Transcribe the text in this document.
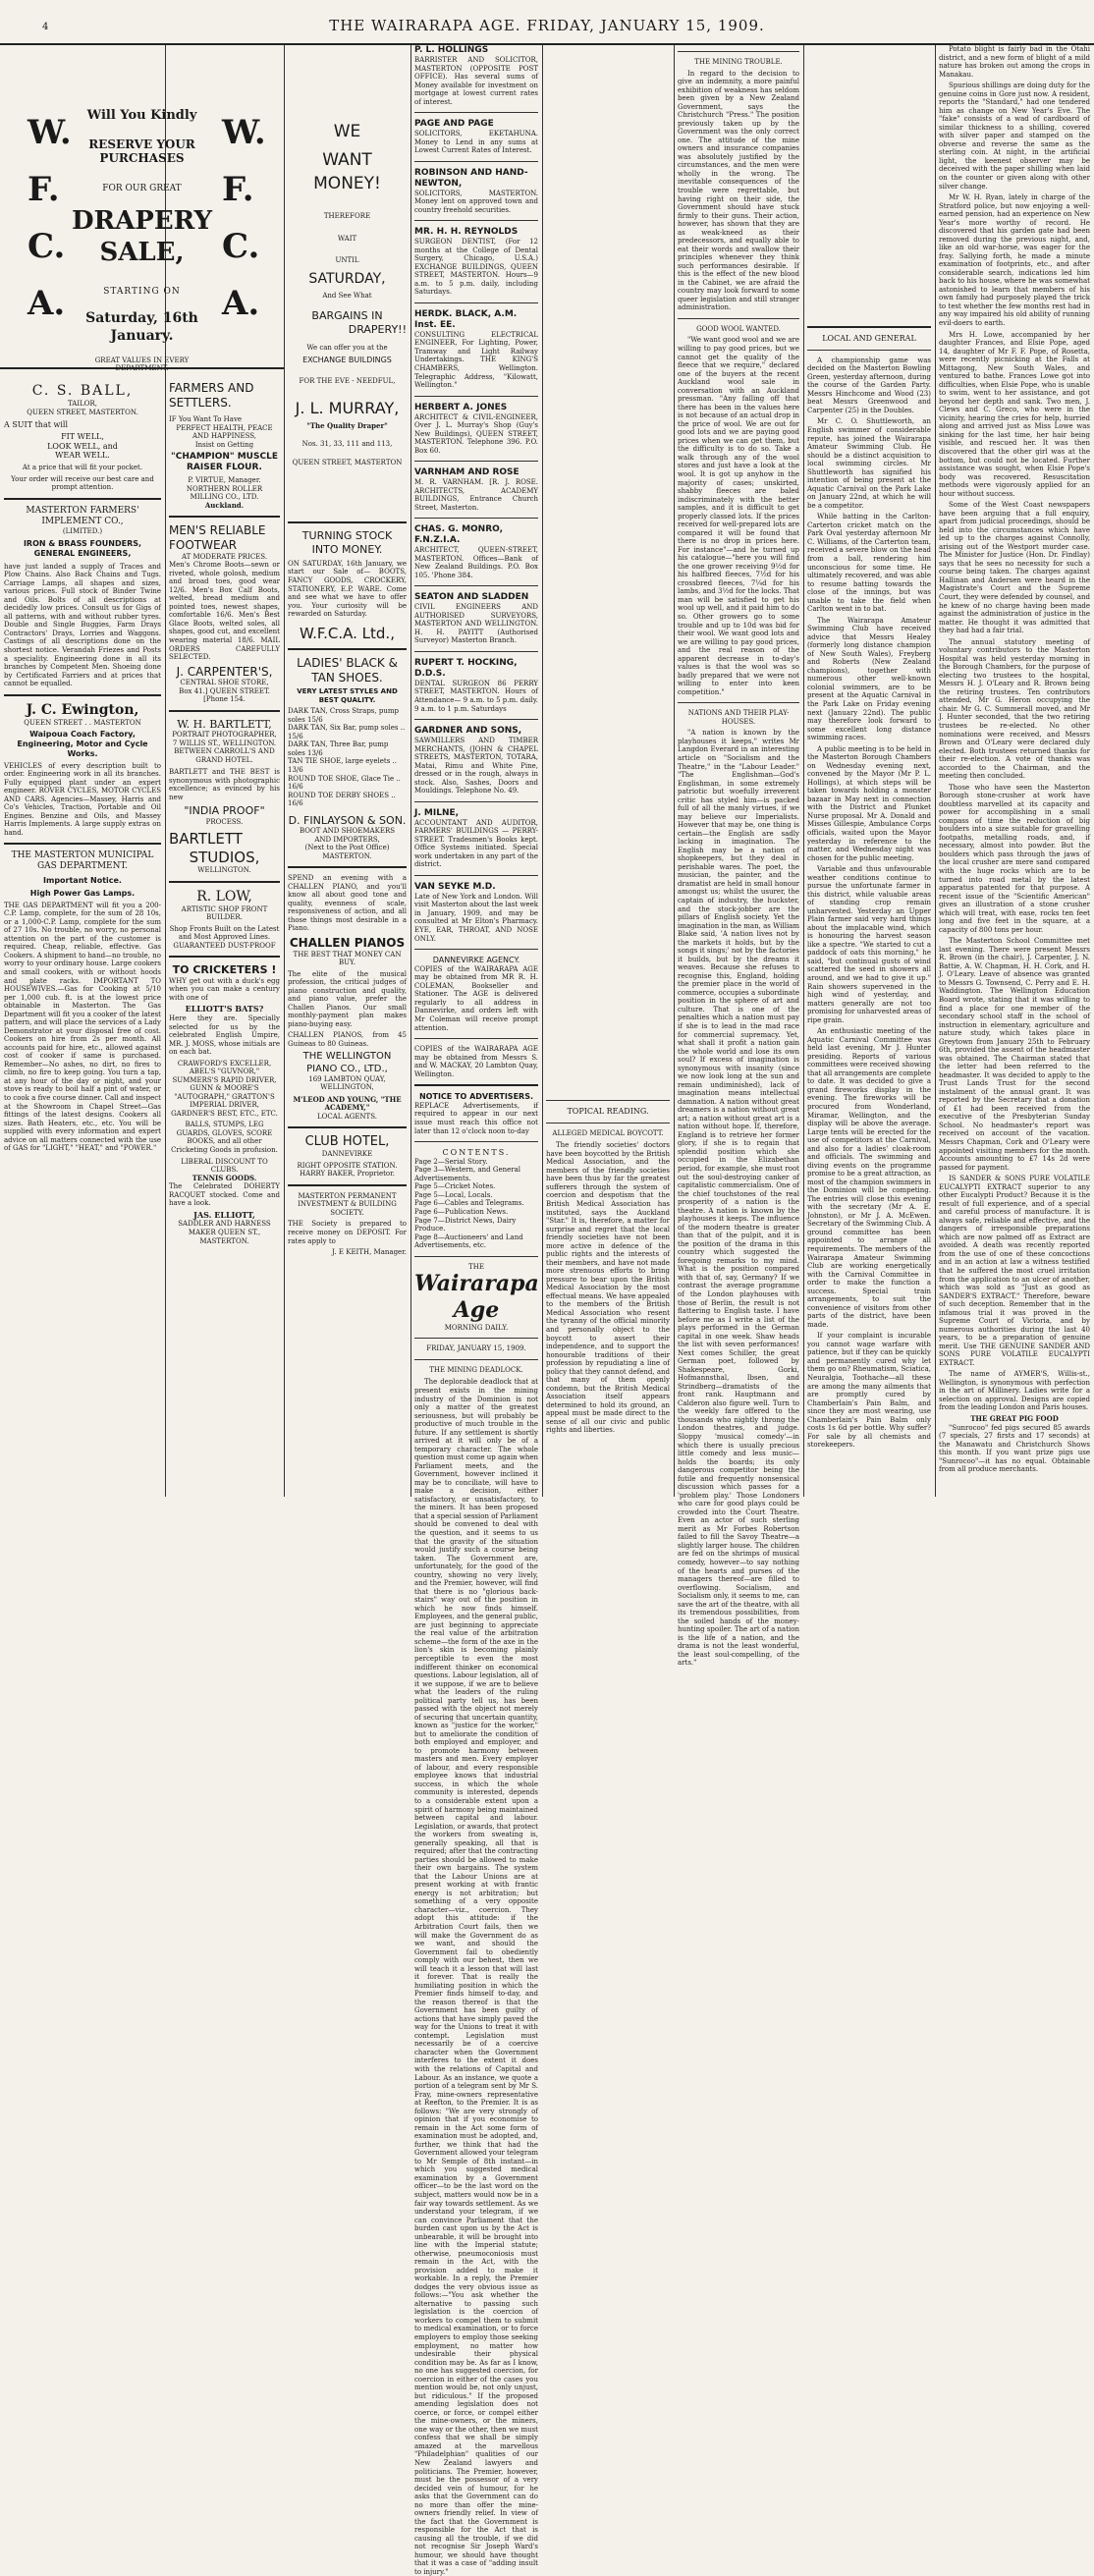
4	THE WAIRARAPA AGE. FRIDAY, JANUARY 15, 1909.
W.
F.
C.
A.
W.
F.
C.
A.
Will You Kindly
RESERVE YOUR PURCHASES
FOR OUR GREAT
DRAPERY SALE,
STARTING ON
Saturday, 16th January.
GREAT VALUES IN EVERY DEPARTMENT.
C. S. BALL,
TAILOR,
QUEEN STREET, MASTERTON.
A SUIT that will
FIT WELL,
LOOK WELL, and
WEAR WELL.
At a price that will fit your pocket.
Your order will receive our best care and prompt attention.
MASTERTON FARMERS' IMPLEMENT CO.,
(LIMITED.)
IRON & BRASS FOUNDERS, GENERAL ENGINEERS,

have just landed a supply of Traces and Plow Chains. Also Back Chains and Tugs. Carriage Lamps, all shapes and sizes, various prices. Full stock of Binder Twine and Oils. Bolts of all descriptions at decidedly low prices. Consult us for Gigs of all patterns, with and without rubber tyres. Double and Single Buggies, Farm Drays Contractors' Drays, Lorries and Waggons. Castings of all descriptions done on the shortest notice. Verandah Friezes and Posts a speciality. Engineering done in all its branches by Competent Men. Shoeing done by Certificated Farriers and at prices that cannot be equalled.

J. C. Ewington,
QUEEN STREET . . MASTERTON
Waipoua Coach Factory, Engineering, Motor and Cycle Works.

VEHICLES of every description built to order. Engineering work in all its branches. Fully equipped plant under an expert engineer. ROVER CYCLES, MOTOR CYCLES AND CARS. Agencies—Massey, Harris and Co's Vehicles, Traction, Portable and Oil Engines. Benzine and Oils, and Massey Harris Implements. A large supply extras on hand.

THE MASTERTON MUNICIPAL GAS DEPARTMENT.
Important Notice.
High Power Gas Lamps.

THE GAS DEPARTMENT will fit you a 200-C.P. Lamp, complete, for the sum of 28 10s, or a 1,000-C.P. Lamp, complete for the sum of 27 10s. No trouble, no worry, no personal attention on the part of the customer is required. Cheap, reliable, effective. Gas Cookers. A shipment to hand—no trouble, no worry to your ordinary house. Large cookers and small cookers, with or without hoods and plate racks. IMPORTANT TO HOUSEWIVES.—Gas for Cooking at 5/10 per 1,000 cub. ft. is at the lowest price obtainable in Masterton. The Gas Department will fit you a cooker of the latest pattern, and will place the services of a Lady Demonstrator at your disposal free of cost. Cookers on hire from 2s per month. All accounts paid for hire, etc., allowed against cost of cooker if same is purchased. Remember—No ashes, no dirt, no fires to climb, no fire to keep going. You turn a tap, at any hour of the day or night, and your stove is ready to boil half a pint of water, or to cook a five course dinner. Call and inspect at the Showroom in Chapel Street—Gas fittings of the latest designs. Cookers all sizes. Bath Heaters, etc., etc. You will be supplied with every information and expert advice on all matters connected with the use of GAS for "LIGHT," "HEAT," and "POWER."

FARMERS AND SETTLERS.
IF You Want To Have
PERFECT HEALTH, PEACE AND HAPPINESS,
Insist on Getting
"CHAMPION" MUSCLE RAISER FLOUR.
P. VIRTUE, Manager.
NORTHERN ROLLER MILLING CO., LTD.
Auckland.
MEN'S RELIABLE FOOTWEAR
AT MODERATE PRICES.

Men's Chrome Boots—sewn or riveted, whole golosh, medium and broad toes, good wear 12/6. Men's Box Calf Boots, welted, bread medium and pointed toes, newest shapes, comfortable 16/6. Men's Best Glace Boots, welted soles, all shapes, good cut, and excellent wearing material 18/6. MAIL ORDERS CAREFULLY SELECTED.

J. CARPENTER'S,
CENTRAL SHOE STORE,
Box 41.] QUEEN STREET. [Phone 154.
W. H. BARTLETT,
PORTRAIT PHOTOGRAPHER,
7 WILLIS ST., WELLINGTON.
BETWEEN CARROLL'S AND GRAND HOTEL.

BARTLETT and THE BEST is synonymous with photographic excellence; as evinced by his new

"INDIA PROOF"
PROCESS.
BARTLETT
STUDIOS,
WELLINGTON.
R. LOW,
ARTISTIC SHOP FRONT BUILDER.
Shop Fronts Built on the Latest and Most Approved Lines.
GUARANTEED DUST-PROOF
TO CRICKETERS !

WHY get out with a duck's egg when you can make a century with one of

ELLIOTT'S BATS?

Here they are. Specially selected for us by the celebrated English Umpire, MR. J. MOSS, whose initials are on each bat.

CRAWFORD'S EXCELLER, ABEL'S "GUVNOR," SUMMERS'S RAPID DRIVER, GUNN & MOORE'S "AUTOGRAPH," GRATTON'S IMPERIAL DRIVER, GARDNER'S BEST, ETC., ETC.

BALLS, STUMPS, LEG GUARDS, GLOVES, SCORE BOOKS, and all other Cricketing Goods in profusion.

LIBERAL DISCOUNT TO CLUBS.
TENNIS GOODS.

The Celebrated DOHERTY RACQUET stocked. Come and have a look.

JAS. ELLIOTT,
SADDLER AND HARNESS MAKER QUEEN ST., MASTERTON.
WE
WANT
MONEY!
THEREFORE
WAIT
UNTIL
SATURDAY,
And See What
BARGAINS IN
DRAPERY!!
We can offer you at the
EXCHANGE BUILDINGS
FOR THE EVE - NEEDFUL,
J. L. MURRAY,
"The Quality Draper"
Nos. 31, 33, 111 and 113,
QUEEN STREET, MASTERTON
TURNING STOCK INTO MONEY.

ON SATURDAY, 16th January, we start our Sale of— BOOTS, FANCY GOODS, CROCKERY, STATIONERY, E.P. WARE. Come and see what we have to offer you. Your curiosity will be rewarded on Saturday.

W.F.C.A. Ltd.,
LADIES' BLACK & TAN SHOES.
VERY LATEST STYLES AND BEST QUALITY.
DARK TAN, Cross Straps, pump soles 15/6
DARK TAN, Six Bar, pump soles .. 15/6
DARK TAN, Three Bar, pump soles 13/6
TAN TIE SHOE, large eyelets .. 13/6
ROUND TOE SHOE, Glace Tie .. 16/6
ROUND TOE DERBY SHOES .. 16/6
D. FINLAYSON & SON.
BOOT AND SHOEMAKERS
AND IMPORTERS,
(Next to the Post Office) MASTERTON.

SPEND an evening with a CHALLEN PIANO, and you'll know all about good tone and quality, evenness of scale, responsiveness of action, and all those things most desirable in a Piano.

CHALLEN PIANOS
THE BEST THAT MONEY CAN BUY.

The elite of the musical profession, the critical judges of piano construction and quality, and piano value, prefer the Challen Pianos. Our small monthly-payment plan makes piano-buying easy.

CHALLEN PIANOS, from 45 Guineas to 80 Guineas.

THE WELLINGTON PIANO CO., LTD.,
169 LAMBTON QUAY, WELLINGTON,
M'LEOD AND YOUNG, "THE ACADEMY,"
LOCAL AGENTS.
CLUB HOTEL,
DANNEVIRKE
RIGHT OPPOSITE STATION.
HARRY BAKER, Proprietor.
MASTERTON PERMANENT INVESTMENT & BUILDING SOCIETY.

THE Society is prepared to receive money on DEPOSIT. For rates apply to

J. E KEITH, Manager.
P. L. HOLLINGS

BARRISTER AND SOLICITOR, MASTERTON (OPPOSITE POST OFFICE). Has several sums of Money available for investment on mortgage at lowest current rates of interest.

PAGE AND PAGE

SOLICITORS, EKETAHUNA. Money to Lend in any sums at Lowest Current Rates of Interest.

ROBINSON AND HAND-NEWTON,

SOLICITORS, MASTERTON. Money lent on approved town and country freehold securities.

MR. H. H. REYNOLDS

SURGEON DENTIST, (For 12 months at the College of Dental Surgery, Chicago, U.S.A.) EXCHANGE BUILDINGS, QUEEN STREET, MASTERTON. Hours—9 a.m. to 5 p.m. daily, including Saturdays.

HERDK. BLACK, A.M. Inst. EE.

CONSULTING ELECTRICAL ENGINEER, For Lighting, Power, Tramway and Light Railway Undertakings. THE KING'S CHAMBERS, Wellington. Telegraphic Address, "Kilowatt, Wellington."

HERBERT A. JONES

ARCHITECT & CIVIL-ENGINEER, Over J. L. Murray's Shop (Guy's New Buildings), QUEEN STREET, MASTERTON. Telephone 396. P.O. Box 60.

VARNHAM AND ROSE

M. R. VARNHAM. [R. J. ROSE. ARCHITECTS, ACADEMY BUILDINGS, Entrance Church Street, Masterton.

CHAS. G. MONRO, F.N.Z.I.A.

ARCHITECT, QUEEN-STREET, MASTERTON. Offices—Bank of New Zealand Buildings. P.O. Box 105. 'Phone 384.

SEATON AND SLADDEN

CIVIL ENGINEERS AND AUTHORISED SURVEYORS, MASTERTON AND WELLINGTON. H. H. PAYITT (Authorised Surveyor) Masterton Branch.

RUPERT T. HOCKING, D.D.S.

DENTAL SURGEON 86 PERRY STREET, MASTERTON. Hours of Attendance— 9 a.m. to 5 p.m. daily. 9 a.m. to 1 p.m. Saturdays

GARDNER AND SONS,

SAWMILLERS AND TIMBER MERCHANTS, (JOHN & CHAPEL STREETS, MASTERTON, TOTARA, Matai, Rimu and White Pine, dressed or in the rough, always in stock. Also, Sashes, Doors and Mouldings. Telephone No. 49.

J. MILNE,

ACCOUNTANT AND AUDITOR, FARMERS' BUILDINGS — PERRY-STREET. Tradesmen's Books kept. Office Systems initiated. Special work undertaken in any part of the district.

VAN SEYKE M.D.

Late of New York and London. Will visit Masterton about the last week in January, 1909, and may be consulted at Mr Elton's Pharmacy. EYE, EAR, THROAT, AND NOSE ONLY.

DANNEVIRKE AGENCY.

COPIES of the WAIRARAPA AGE may be obtained from MR R. H. COLEMAN, Bookseller and Stationer. The AGE is delivered regularly to all address in Dannevirke, and orders left with Mr Coleman will receive prompt attention.

COPIES of the WAIRARAPA AGE may be obtained from Messrs S. and W. MACKAY, 20 Lambton Quay, Wellington.

NOTICE TO ADVERTISERS.

REPLACE Advertisements, if required to appear in our next issue must reach this office not later than 12 o'clock noon to-day

CONTENTS.
Page 2—Serial Story.
Page 3—Western, and General Advertisements.
Page 5—Cricket Notes.
Page 5—Local, Locals.
Page 6—Cables and Telegrams.
Page 6—Publication News.
Page 7—District News, Dairy Produce.
Page 8—Auctioneers' and Land Advertisements, etc.
THE
Wairarapa Age
MORNING DAILY.
FRIDAY, JANUARY 15, 1909.
THE MINING DEADLOCK.

The deplorable deadlock that at present exists in the mining industry of the Dominion is not only a matter of the greatest seriousness, but will probably be productive of much trouble in the future. If any settlement is shortly arrived at it will only be of a temporary character. The whole question must come up again when Parliament meets, and the Government, however inclined it may be to conciliate, will have to make a decision, either satisfactory, or unsatisfactory, to the miners. It has been proposed that a special session of Parliament should be convened to deal with the question, and it seems to us that the gravity of the situation would justify such a course being taken. The Government are, unfortunately, for the good of the country, showing no very lively, and the Premier, however, will find that there is no "glorious back-stairs" way out of the position in which he now finds himself. Employees, and the general public, are just beginning to appreciate the real value of the arbitration scheme—the form of the axe in the lion's skin is becoming plainly perceptible to even the most indifferent thinker on economical questions. Labour legislation, all of it we suppose, if we are to believe what the leaders of the ruling political party tell us, has been passed with the object not merely of securing that uncertain quantity, known as "justice for the worker," but to ameliorate the condition of both employed and employer, and to promote harmony between masters and men. Every employer of labour, and every responsible employee knows that industrial success, in which the whole community is interested, depends to a considerable extent upon a spirit of harmony being maintained between capital and labour. Legislation, or awards, that protect the workers from sweating is, generally speaking, all that is required; after that the contracting parties should be allowed to make their own bargains. The system that the Labour Unions are at present working at with frantic energy is not arbitration; but something of a very opposite character—viz., coercion. They adopt this attitude: if the Arbitration Court fails, then we will make the Government do as we want, and should the Government fail to obediently comply with our behest, then we will teach it a lesson that will last it forever. That is really the humiliating position in which the Premier finds himself to-day, and the reason thereof is that the Government has been guilty of actions that have simply paved the way for the Unions to treat it with contempt. Legislation must necessarily be of a coercive character when the Government interferes to the extent it does with the relations of Capital and Labour. As an instance, we quote a portion of a telegram sent by Mr S. Fray, mine-owners representative at Reefton, to the Premier. It is as follows: "We are very strongly of opinion that if you economise to remain in the Act some form of examination must be adopted, and, further, we think that had the Government allowed your telegram to Mr Semple of 8th instant—in which you suggested medical examination by a Government officer—to be the last word on the subject, matters would now be in a fair way towards settlement. As we understand your telegram, if we can convince Parliament that the burden cast upon us by the Act is unbearable, it will be brought into line with the Imperial statute; otherwise, pneumoconiosis must remain in the Act, with the provision added to make it workable. In a reply, the Premier dodges the very obvious issue as follows:—"You ask whether the alternative to passing such legislation is the coercion of workers to compel them to submit to medical examination, or to force employers to employ those seeking employment, no matter how undesirable their physical condition may be. As far as I know, no one has suggested coercion, for coercion in either of the cases you mention would be, not only unjust, but ridiculous." If the proposed amending legislation does not coerce, or force, or compel either the mine-owners, or the miners, one way or the other, then we must confess that we shall be simply amazed at the marvellous "Philadelphian" qualities of our New Zealand lawyers and politicians. The Premier, however, must be the possessor of a very decided vein of humour, for he asks that the Government can do no more than offer the mine-owners friendly relief. In view of the fact that the Government is responsible for the Act that is causing all the trouble, if we did not recognise Sir Joseph Ward's humour, we should have thought that it was a case of "adding insult to injury."

TOPICAL READING.
ALLEGED MEDICAL BOYCOTT.

The friendly societies' doctors have been boycotted by the British Medical Association, and the members of the friendly societies have been thus by far the greatest sufferers through the system of coercion and despotism that the British Medical Association has instituted, says the Auckland "Star." It is, therefore, a matter for surprise and regret that the local friendly societies have not been more active in defence of the public rights and the interests of their members, and have not made more strenuous efforts to bring pressure to bear upon the British Medical Association by the most effectual means. We have appealed to the members of the British Medical Association who resent the tyranny of the official minority and personally object to the boycott to assert their independence, and to support the honourable traditions of their profession by repudiating a line of policy that they cannot defend, and that many of them openly condemn, but the British Medical Association itself appears determined to hold its ground, an appeal must be made direct to the sense of all our civic and public rights and liberties.

THE MINING TROUBLE.

In regard to the decision to give an indemnity, a more painful exhibition of weakness has seldom been given by a New Zealand Government, says the Christchurch "Press." The position previously taken up by the Government was the only correct one. The attitude of the mine owners and insurance companies was absolutely justified by the circumstances, and the men were wholly in the wrong. The inevitable consequences of the trouble were regrettable, but having right on their side, the Government should have stuck firmly to their guns. Their action, however, has shown that they are as weak-kneed as their predecessors, and equally able to eat their words and swallow their principles whenever they think such performances desirable. If this is the effect of the new blood in the Cabinet, we are afraid the country may look forward to some queer legislation and still stranger administration.

GOOD WOOL WANTED.

"We want good wool and we are willing to pay good prices, but we cannot get the quality of the fleece that we require," declared one of the buyers at the recent Auckland wool sale in conversation with an Auckland pressman. "Any falling off that there has been in the values here is not because of an actual drop in the price of wool. We are out for good lots and we are paying good prices when we can get them, but the difficulty is to do so. Take a walk through any of the wool stores and just have a look at the wool. It is got up anyhow in the majority of cases; unskirted, shabby fleeces are baled indiscriminately with the better samples, and it is difficult to get properly classed lots. If the prices received for well-prepared lots are compared it will be found that there is no drop in prices here. For instance"—and he turned up his catalogue—"here you will find the one grower receiving 9½d for his halfbred fleeces, 7½d for his crossbred fleeces, 7¼d for his lambs, and 3½d for the locks. That man will be satisfied to get his wool up well, and it paid him to do so. Other growers go to some trouble and up to 10d was bid for their wool. We want good lots and we are willing to pay good prices, and the real reason of the apparent decrease in to-day's values is that the wool was so badly prepared that we were not willing to enter into keen competition."

NATIONS AND THEIR PLAY-HOUSES.

"A nation is known by the playhouses it keeps," writes Mr Langdon Everard in an interesting article on "Socialism and the Theatre," in the "Labour Leader." "The Englishman—God's Englishman, in some extremely patriotic but woefully irreverent critic has styled him—is packed full of all the manly virtues, if we may believe our Imperialists. However that may be, one thing is certain—the English are sadly lacking in imagination. The English may be a nation of shopkeepers, but they deal in perishable wares. The poet, the musician, the painter, and the dramatist are held in small honour amongst us; whilst the usurer, the captain of industry, the huckster, and the stock-jobber are the pillars of English society. Yet the imagination in the man, as William Blake said, 'A nation lives not by the markets it holds, but by the songs it sings;' not by the factories it builds, but by the dreams it weaves. Because she refuses to recognise this, England, holding the premier place in the world of commerce, occupies a subordinate position in the sphere of art and culture. That is one of the penalties which a nation must pay if she is to lead in the mad race for commercial supremacy. Yet, what shall it profit a nation gain the whole world and lose its own soul? If excess of imagination is synonymous with insanity (since we now look long at the sun and remain undiminished), lack of imagination means intellectual damnation. A nation without great dreamers is a nation without great art; a nation without great art is a nation without hope. If, therefore, England is to retrieve her former glory, if she is to regain that splendid position which she occupied in the Elizabethan period, for example, she must root out the soul-destroying canker of capitalistic commercialism. One of the chief touchstones of the real prosperity of a nation is the theatre. A nation is known by the playhouses it keeps. The influence of the modern theatre is greater than that of the pulpit, and it is the position of the drama in this country which suggested the foregoing remarks to my mind. What is the position compared with that of, say, Germany? If we contrast the average programme of the London playhouses with those of Berlin, the result is not flattering to English taste. I have before me as I write a list of the plays performed in the German capital in one week. Shaw heads the list with seven performances! Next comes Schiller, the great German poet, followed by Shakespeare, Gorki, Hofmannsthal, Ibsen, and Strindberg—dramatists of the front rank. Hauptmann and Calderon also figure well. Turn to the weekly fare offered to the thousands who nightly throng the London theatres, and judge. Sloppy 'musical comedy'—in which there is usually precious little comedy and less music—holds the boards; its only dangerous competitor being the futile and frequently nonsensical discussion which passes for a 'problem play.' Those Londoners who care for good plays could be crowded into the Court Theatre. Even an actor of such sterling merit as Mr Forbes Robertson failed to fill the Savoy Theatre—a slightly larger house. The children are fed on the shrimps of musical comedy, however—to say nothing of the hearts and purses of the managers thereof—are filled to overflowing. Socialism, and Socialism only, it seems to me, can save the art of the theatre, with all its tremendous possibilities, from the soiled hands of the money-hunting spoiler. The art of a nation is the life of a nation, and the drama is not the least wonderful, the least soul-compelling, of the arts."

LOCAL AND GENERAL

A championship game was decided on the Masterton Bowling Green, yesterday afternoon, during the course of the Garden Party. Messrs Hinchcome and Wood (23) beat Messrs Greenwood and Carpenter (25) in the Doubles.

Mr C. O. Shuttleworth, an English swimmer of considerable repute, has joined the Wairarapa Amateur Swimming Club. He should be a distinct acquisition to local swimming circles. Mr Shuttleworth has signified his intention of being present at the Aquatic Carnival on the Park Lake on January 22nd, at which he will be a competitor.

While batting in the Carlton-Carterton cricket match on the Park Oval yesterday afternoon Mr C. Williams, of the Carterton team, received a severe blow on the head from a ball, rendering him unconscious for some time. He ultimately recovered, and was able to resume batting towards the close of the innings, but was unable to take the field when Carlton went in to bat.

The Wairarapa Amateur Swimming Club have received advice that Messrs Healey (formerly long distance champion of New South Wales), Freyberg and Roberts (New Zealand champions), together with numerous other well-known colonial swimmers, are to be present at the Aquatic Carnival in the Park Lake on Friday evening next (January 22nd). The public may therefore look forward to some excellent long distance swimming races.

A public meeting is to be held in the Masterton Borough Chambers on Wednesday evening next, convened by the Mayor (Mr P. L. Hollings), at which steps will be taken towards holding a monster bazaar in May next in connection with the District and Plunket Nurse proposal. Mr A. Donald and Misses Gillespie, Ambulance Corps officials, waited upon the Mayor yesterday in reference to the matter, and Wednesday night was chosen for the public meeting.

Variable and thus unfavourable weather conditions continue to pursue the unfortunate farmer in this district, while valuable areas of standing crop remain unharvested. Yesterday an Upper Plain farmer said very hard things about the implacable wind, which is honouring the harvest season like a spectre. "We started to cut a paddock of oats this morning," he said, "but continual gusts of wind scattered the seed in showers all around, and we had to give it up." Rain showers supervened in the high wind of yesterday, and matters generally are not too promising for unharvested areas of ripe grain.

An enthusiastic meeting of the Aquatic Carnival Committee was held last evening, Mr J. Hunter presiding. Reports of various committees were received showing that all arrangements are complete to date. It was decided to give a grand fireworks display in the evening. The fireworks will be procured from Wonderland, Miramar, Wellington, and the display will be above the average. Large tents will be erected for the use of competitors at the Carnival, and also for a ladies' cloak-room and officials. The swimming and diving events on the programme promise to be a great attraction, as most of the champion swimmers in the Dominion will be competing. The entries will close this evening with the secretary (Mr A. E. Johnston), or Mr J. A. McEwen. Secretary of the Swimming Club. A ground committee has been appointed to arrange all requirements. The members of the Wairarapa Amateur Swimming Club are working energetically with the Carnival Committee in order to make the function a success. Special train arrangements, to suit the convenience of visitors from other parts of the district, have been made.

If your complaint is incurable you cannot wage warfare with patience, but if they can be quickly and permanently cured why let them go on? Rheumatism, Sciatica, Neuralgia, Toothache—all these are among the many ailments that are promptly cured by Chamberlain's Pain Balm, and since they are most wearing, use Chamberlain's Pain Balm only costs 1s 6d per bottle. Why suffer? For sale by all chemists and storekeepers.

Potato blight is fairly bad in the Otahi district, and a new form of blight of a mild nature has broken out among the crops in Manakau.

Spurious shillings are doing duty for the genuine coins in Gore just now. A resident, reports the "Standard," had one tendered him as change on New Year's Eve. The "fake" consists of a wad of cardboard of similar thickness to a shilling, covered with silver paper and stamped on the obverse and reverse the same as the sterling coin. At night, in the artificial light, the keenest observer may be deceived with the paper shilling when laid on the counter or given along with other silver change.

Mr W. H. Ryan, lately in charge of the Stratford police, but now enjoying a well-earned pension, had an experience on New Year's more worthy of record. He discovered that his garden gate had been removed during the previous night, and, like an old war-horse, was eager for the fray. Sallying forth, he made a minute examination of footprints, etc., and after considerable search, indications led him back to his house, where he was somewhat astonished to learn that members of his own family had purposely played the trick to test whether the few months rest had in any way impaired his old ability of running evil-doers to earth.

Mrs H. Lowe, accompanied by her daughter Frances, and Elsie Pope, aged 14, daughter of Mr F. F. Pope, of Rosetta, were recently picnicking at the Falls at Mittagong, New South Wales, and ventured to bathe. Frances Lowe got into difficulties, when Elsie Pope, who is unable to swim, went to her assistance, and got beyond her depth and sank. Two men, J. Clews and C. Greco, who were in the vicinity, hearing the cries for help, hurried along and arrived just as Miss Lowe was sinking for the last time, her hair being visible, and rescued her. It was then discovered that the other girl was at the bottom, but could not be located. Further assistance was sought, when Elsie Pope's body was recovered. Resuscitation methods were vigorously applied for an hour without success.

Some of the West Coast newspapers have been arguing that a full enquiry, apart from judicial proceedings, should be held into the circumstances which have led up to the charges against Connolly, arising out of the Westport murder case. The Minister for Justice (Hon. Dr. Findlay) says that he sees no necessity for such a course being taken. The charges against Hallinan and Andersen were heard in the Magistrate's Court and the Supreme Court, they were defended by counsel, and he knew of no charge having been made against the administration of justice in the matter. He thought it was admitted that they had had a fair trial.

The annual statutory meeting of voluntary contributors to the Masterton Hospital was held yesterday morning in the Borough Chambers, for the purpose of electing two trustees to the hospital, Messrs H. J. O'Leary and R. Brown being the retiring trustees. Ten contributors attended, Mr G. Heron occupying the chair. Mr G. C. Summerall moved, and Mr J. Hunter seconded, that the two retiring trustees be re-elected. No other nominations were received, and Messrs Brown and O'Leary were declared duly elected. Both trustees returned thanks for their re-election. A vote of thanks was accorded to the Chairman, and the meeting then concluded.

Those who have seen the Masterton Borough stone-crusher at work have doubtless marvelled at its capacity and power for accomplishing in a small compass of time the reduction of big boulders into a size suitable for gravelling footpaths, metalling roads, and, if necessary, almost into powder. But the boulders which pass through the jaws of the local crusher are mere sand compared with the huge rocks which are to be turned into road metal by the latest apparatus patented for that purpose. A recent issue of the "Scientific American" gives an illustration of a stone crusher which will treat, with ease, rocks ten feet long and five feet in the square, at a capacity of 800 tons per hour.

The Masterton School Committee met last evening. There were present Messrs R. Brown (in the chair), J. Carpenter, J. N. Battie, A. W. Chapman, H. H. Cork, and H. J. O'Leary. Leave of absence was granted to Messrs G. Townsend, C. Perry and E. H. Waddington. The Wellington Education Board wrote, stating that it was willing to find a place for one member of the secondary school staff in the school of instruction in elementary, agriculture and nature study, which takes place in Greytown from January 25th to February 6th, provided the assent of the headmaster was obtained. The Chairman stated that the letter had been referred to the headmaster. It was decided to apply to the Trust Lands Trust for the second instalment of the annual grant. It was reported by the Secretary that a donation of £1 had been received from the executive of the Presbyterian Sunday School. No headmaster's report was received on account of the vacation. Messrs Chapman, Cork and O'Leary were appointed visiting members for the month. Accounts amounting to £7 14s 2d were passed for payment.

IS SANDER & SONS PURE VOLATILE EUCALYPTI EXTRACT superior to any other Eucalypti Product? Because it is the result of full experience, and of a special and careful process of manufacture. It is always safe, reliable and effective, and the dangers of irresponsible preparations which are now palmed off as Extract are avoided. A death was recently reported from the use of one of these concoctions and in an action at law a witness testified that he suffered the most cruel irritation from the application to an ulcer of another, which was sold as "Just as good as SANDER'S EXTRACT." Therefore, beware of such deception. Remember that in the infamous trial it was proved in the Supreme Court of Victoria, and by numerous authorities during the last 40 years, to be a preparation of genuine merit. Use THE GENUINE SANDER AND SONS PURE VOLATILE EUCALYPTI EXTRACT.

The name of AYMER'S, Willis-st., Wellington, is synonymous with perfection in the art of Millinery. Ladies write for a selection on approval. Designs are copied from the leading London and Paris houses.

THE GREAT PIG FOOD

"Sunrocoo" fed pigs secured 85 awards (7 specials, 27 firsts and 17 seconds) at the Manawatu and Christchurch Shows this month. If you want prize pigs use "Sunrocoo"—it has no equal. Obtainable from all produce merchants.
